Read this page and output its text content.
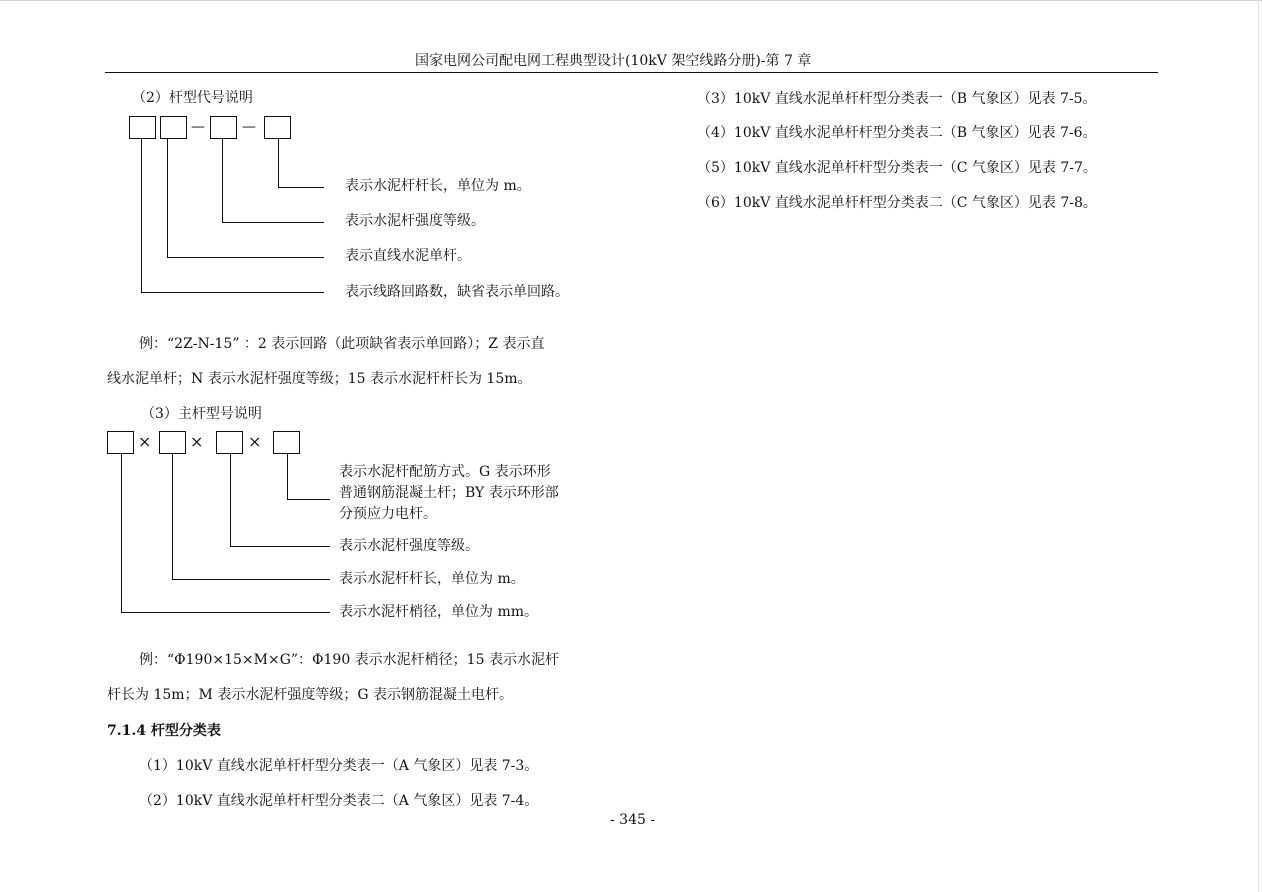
国家电网公司配电网工程典型设计(10kV 架空线路分册)-第 7 章
（2）杆型代号说明
—	—
表示水泥杆杆长，单位为 m。
表示水泥杆强度等级。
表示直线水泥单杆。
表示线路回路数，缺省表示单回路。
例：“2Z-N-15” ：2 表示回路（此项缺省表示单回路）；Z 表示直
线水泥单杆；N 表示水泥杆强度等级；15 表示水泥杆杆长为 15m。
（3）主杆型号说明
× ×	×
表示水泥杆配筋方式。G 表示环形
普通钢筋混凝土杆；BY 表示环形部
分预应力电杆。
表示水泥杆强度等级。
表示水泥杆杆长，单位为 m。
表示水泥杆梢径，单位为 mm。
例：“Φ190×15×M×G”：Φ190 表示水泥杆梢径；15 表示水泥杆
杆长为 15m；M 表示水泥杆强度等级；G 表示钢筋混凝土电杆。
7.1.4 杆型分类表
（1）10kV 直线水泥单杆杆型分类表一（A 气象区）见表 7-3。
（2）10kV 直线水泥单杆杆型分类表二（A 气象区）见表 7-4。
（3）10kV 直线水泥单杆杆型分类表一（B 气象区）见表 7-5。
（4）10kV 直线水泥单杆杆型分类表二（B 气象区）见表 7-6。
（5）10kV 直线水泥单杆杆型分类表一（C 气象区）见表 7-7。
（6）10kV 直线水泥单杆杆型分类表二（C 气象区）见表 7-8。
- 345 -
